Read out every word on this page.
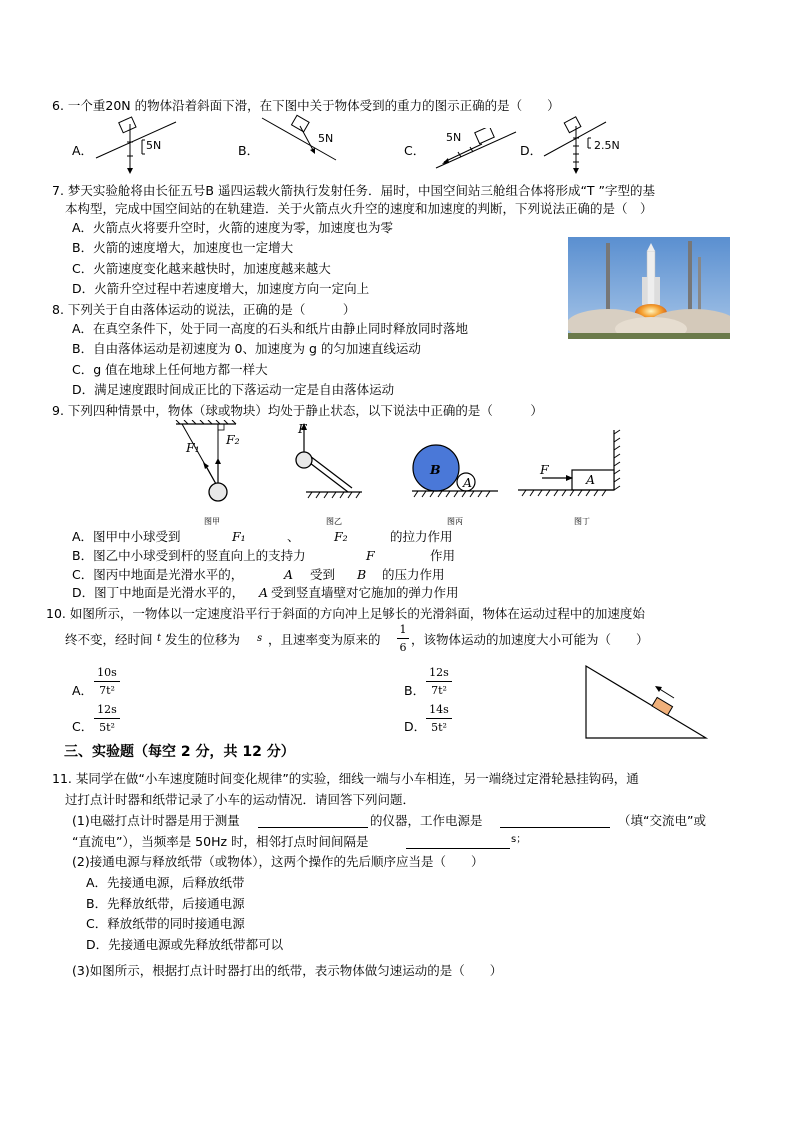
6. 一个重20N 的物体沿着斜面下滑，在下图中关于物体受到的重力的图示正确的是（　　）
A．	5N	B．
5N
C．
5N
D．	2.5N
7. 梦天实验舱将由长征五号B 遥四运载火箭执行发射任务．届时，中国空间站三舱组合体将形成“T ”字型的基
本构型，完成中国空间站的在轨建造．关于火箭点火升空的速度和加速度的判断，下列说法正确的是（　）
A．火箭点火将要升空时，火箭的速度为零，加速度也为零
B．火箭的速度增大，加速度也一定增大
C．火箭速度变化越来越快时，加速度越来越大
D．火箭升空过程中若速度增大，加速度方向一定向上
8. 下列关于自由落体运动的说法，正确的是（　　　）
A．在真空条件下，处于同一高度的石头和纸片由静止同时释放同时落地
B．自由落体运动是初速度为 0、加速度为 g 的匀加速直线运动
C．g 值在地球上任何地方都一样大
D．满足速度跟时间成正比的下落运动一定是自由落体运动
9. 下列四种情景中，物体（球或物块）均处于静止状态，以下说法中正确的是（　　　）
F₁
F₂
F
B
A
F
A
图甲	图乙	图丙	图丁
A．图甲中小球受到	F₁	、	F₂	的拉力作用
B．图乙中小球受到杆的竖直向上的支持力	F	作用
C．图丙中地面是光滑水平的，	A 受到 B 的压力作用
D．图丁中地面是光滑水平的， A 受到竖直墙壁对它施加的弹力作用
10. 如图所示，一物体以一定速度沿平行于斜面的方向冲上足够长的光滑斜面，物体在运动过程中的加速度始
终不变，经时间 t 发生的位移为 s ，且速率变为原来的
1
6
，该物体运动的加速度大小可能为（　　）
A．
10s
7t²	B．
12s
7t²
C．
12s
5t²	D．
14s
5t²
三、实验题（每空 2 分，共 12 分）
11. 某同学在做“小车速度随时间变化规律”的实验，细线一端与小车相连，另一端绕过定滑轮悬挂钩码，通
过打点计时器和纸带记录了小车的运动情况．请回答下列问题．
(1)电磁打点计时器是用于测量	的仪器，工作电源是	（填“交流电”或
“直流电”），当频率是 50Hz 时，相邻打点时间间隔是	s；
(2)接通电源与释放纸带（或物体），这两个操作的先后顺序应当是（　　）
A．先接通电源，后释放纸带
B．先释放纸带，后接通电源
C．释放纸带的同时接通电源
D．先接通电源或先释放纸带都可以
(3)如图所示，根据打点计时器打出的纸带，表示物体做匀速运动的是（　　）
